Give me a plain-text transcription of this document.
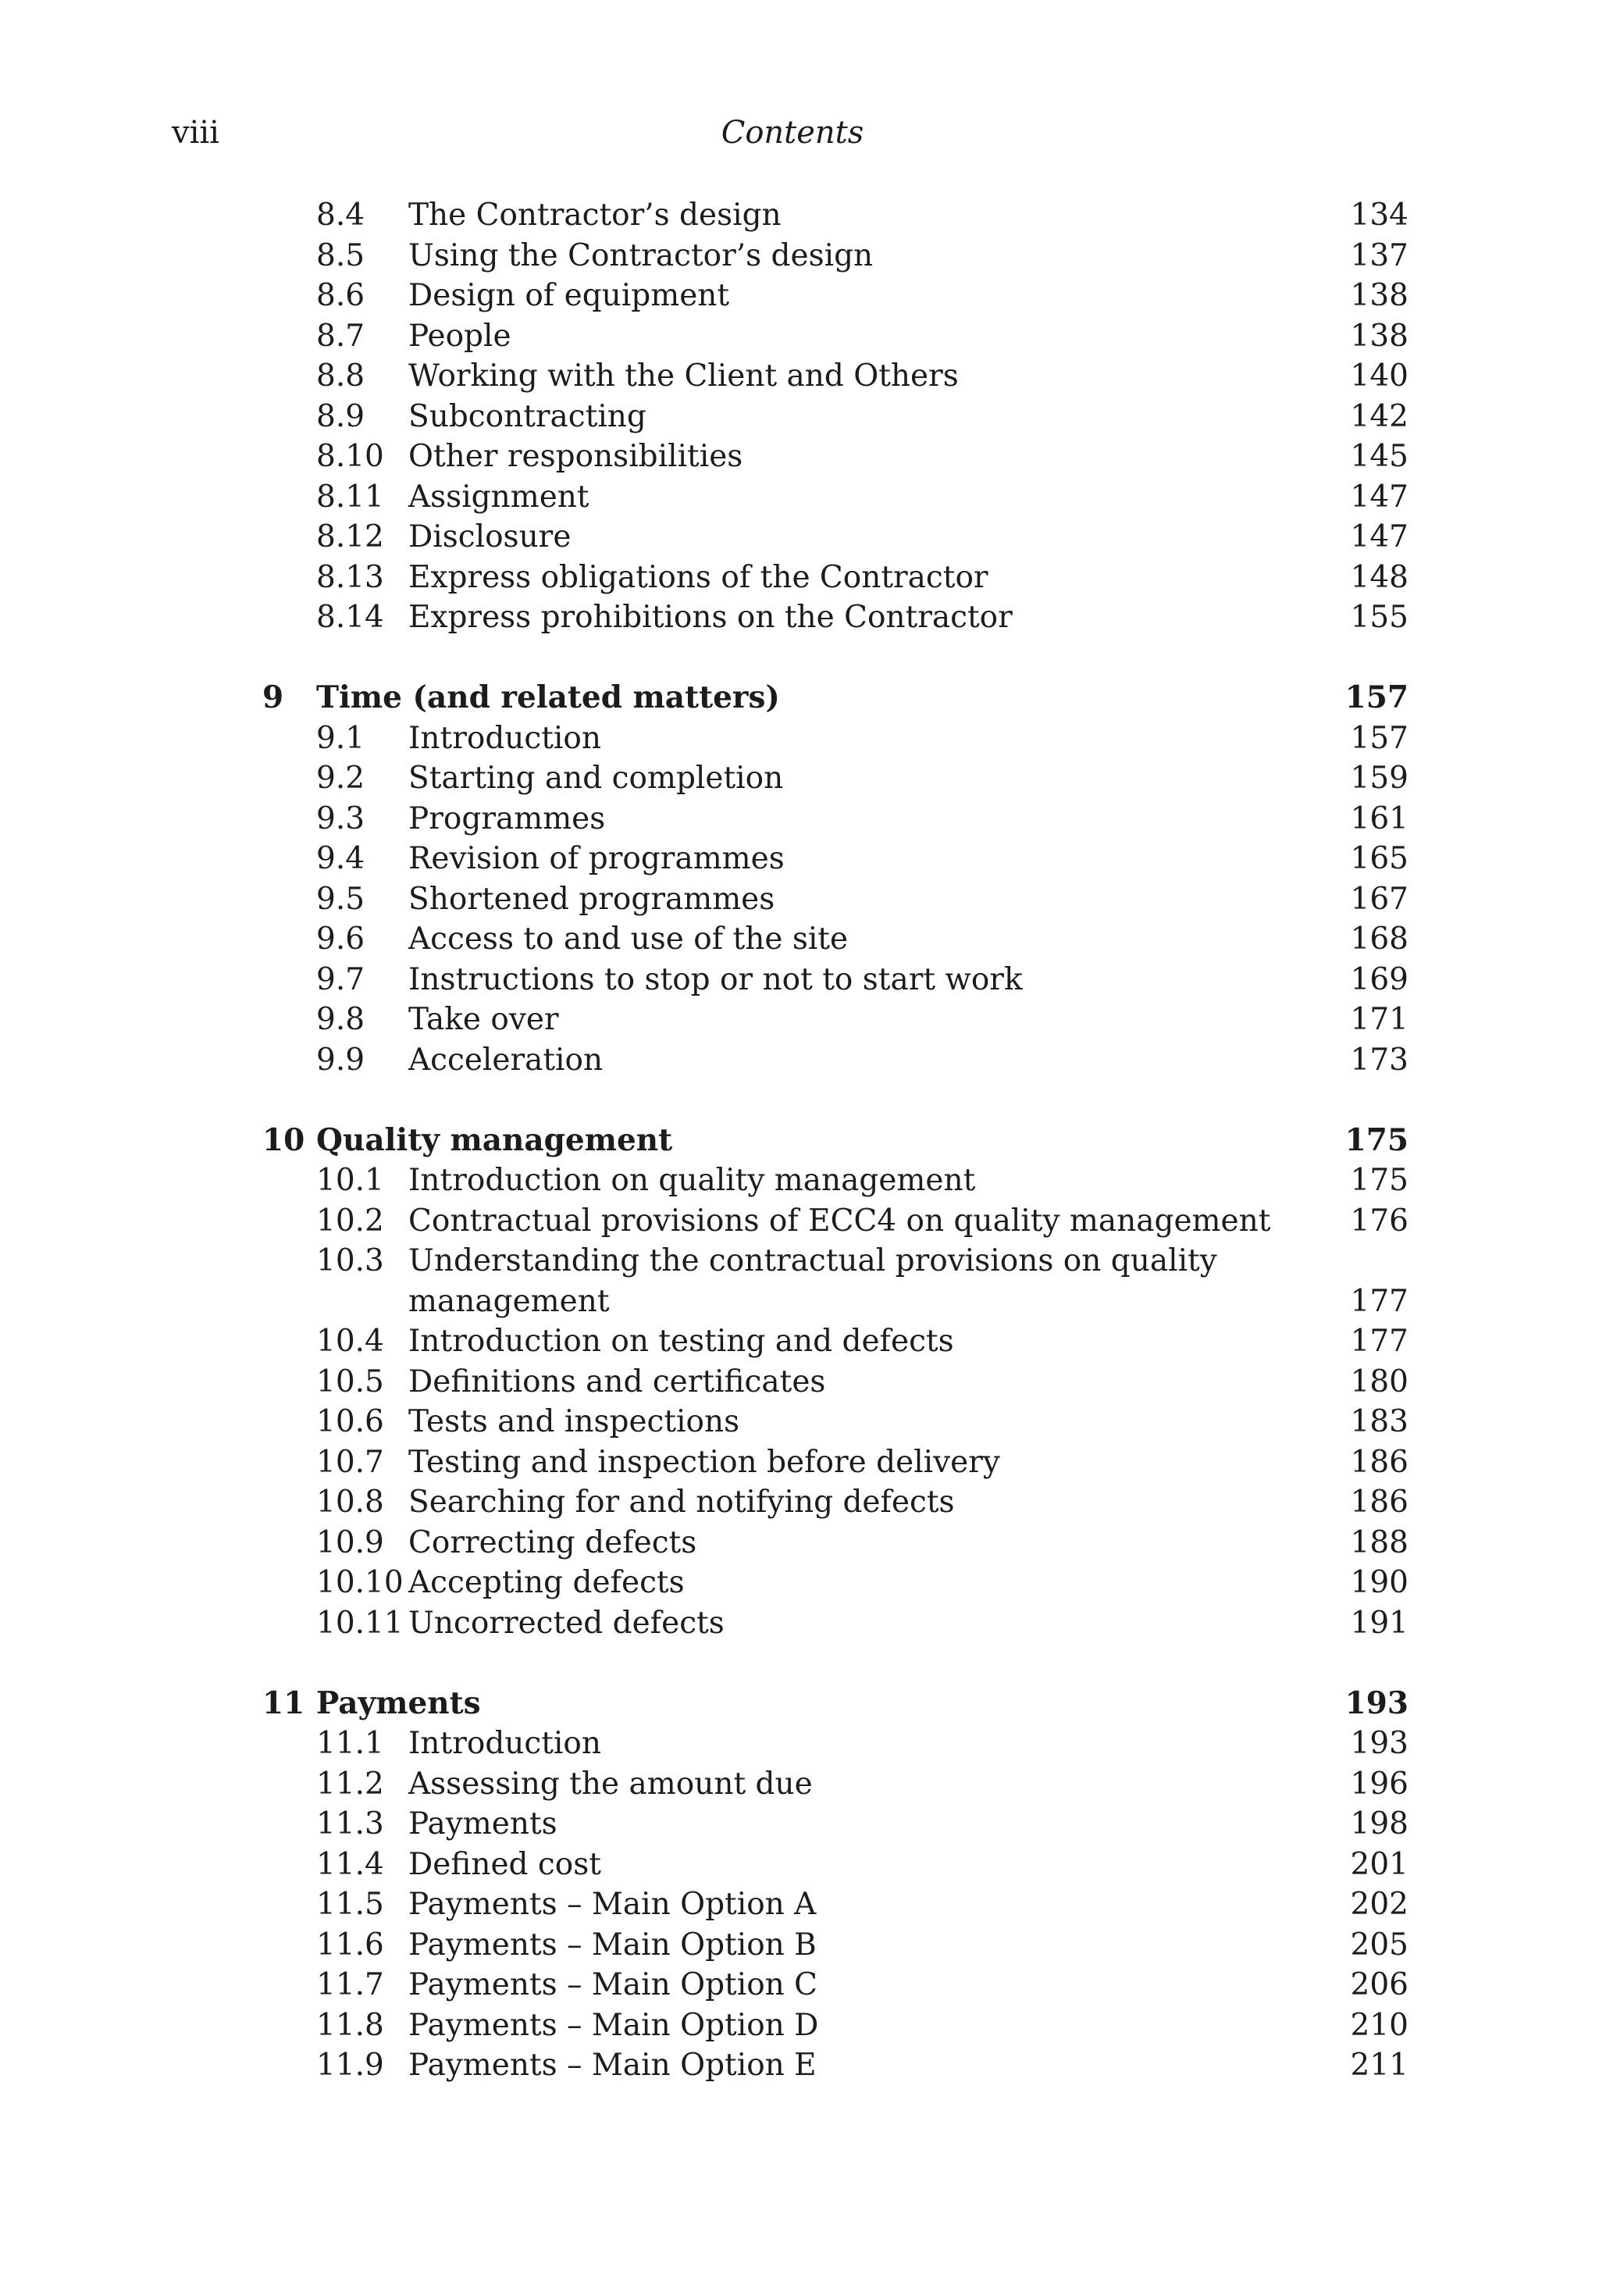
viii	Contents
8.4 The Contractor’s design	134
8.5 Using the Contractor’s design	137
8.6 Design of equipment	138
8.7 People	138
8.8 Working with the Client and Others	140
8.9 Subcontracting	142
8.10 Other responsibilities	145
8.11 Assignment	147
8.12 Disclosure	147
8.13 Express obligations of the Contractor	148
8.14 Express prohibitions on the Contractor	155
9 Time (and related matters)	157
9.1 Introduction	157
9.2 Starting and completion	159
9.3 Programmes	161
9.4 Revision of programmes	165
9.5 Shortened programmes	167
9.6 Access to and use of the site	168
9.7 Instructions to stop or not to start work	169
9.8 Take over	171
9.9 Acceleration	173
10 Quality management	175
10.1 Introduction on quality management	175
10.2 Contractual provisions of ECC4 on quality management	176
10.3 Understanding the contractual provisions on quality
management	177
10.4 Introduction on testing and defects	177
10.5 Definitions and certificates	180
10.6 Tests and inspections	183
10.7 Testing and inspection before delivery	186
10.8 Searching for and notifying defects	186
10.9 Correcting defects	188
10.10 Accepting defects	190
10.11 Uncorrected defects	191
11 Payments	193
11.1 Introduction	193
11.2 Assessing the amount due	196
11.3 Payments	198
11.4 Defined cost	201
11.5 Payments – Main Option A	202
11.6 Payments – Main Option B	205
11.7 Payments – Main Option C	206
11.8 Payments – Main Option D	210
11.9 Payments – Main Option E	211
